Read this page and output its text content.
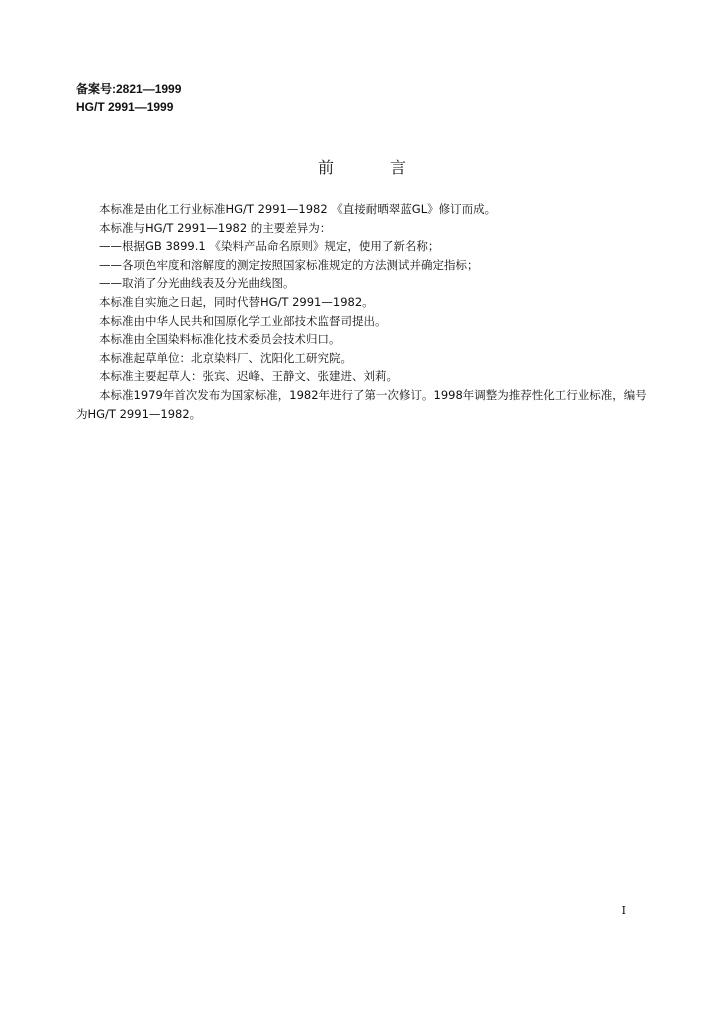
备案号:2821—1999
HG/T 2991—1999
前言

本标准是由化工行业标准HG/T 2991—1982 《直接耐晒翠蓝GL》修订而成。

本标准与HG/T 2991—1982 的主要差异为：

——根据GB 3899.1 《染料产品命名原则》规定，使用了新名称；

——各项色牢度和溶解度的测定按照国家标准规定的方法测试并确定指标；

——取消了分光曲线表及分光曲线图。

本标准自实施之日起，同时代替HG/T 2991—1982。

本标准由中华人民共和国原化学工业部技术监督司提出。

本标准由全国染料标准化技术委员会技术归口。

本标准起草单位：北京染料厂、沈阳化工研究院。

本标准主要起草人：张宾、迟峰、王静文、张建进、刘莉。

本标准1979年首次发布为国家标准，1982年进行了第一次修订。1998年调整为推荐性化工行业标准，编号为HG/T 2991—1982。

I
